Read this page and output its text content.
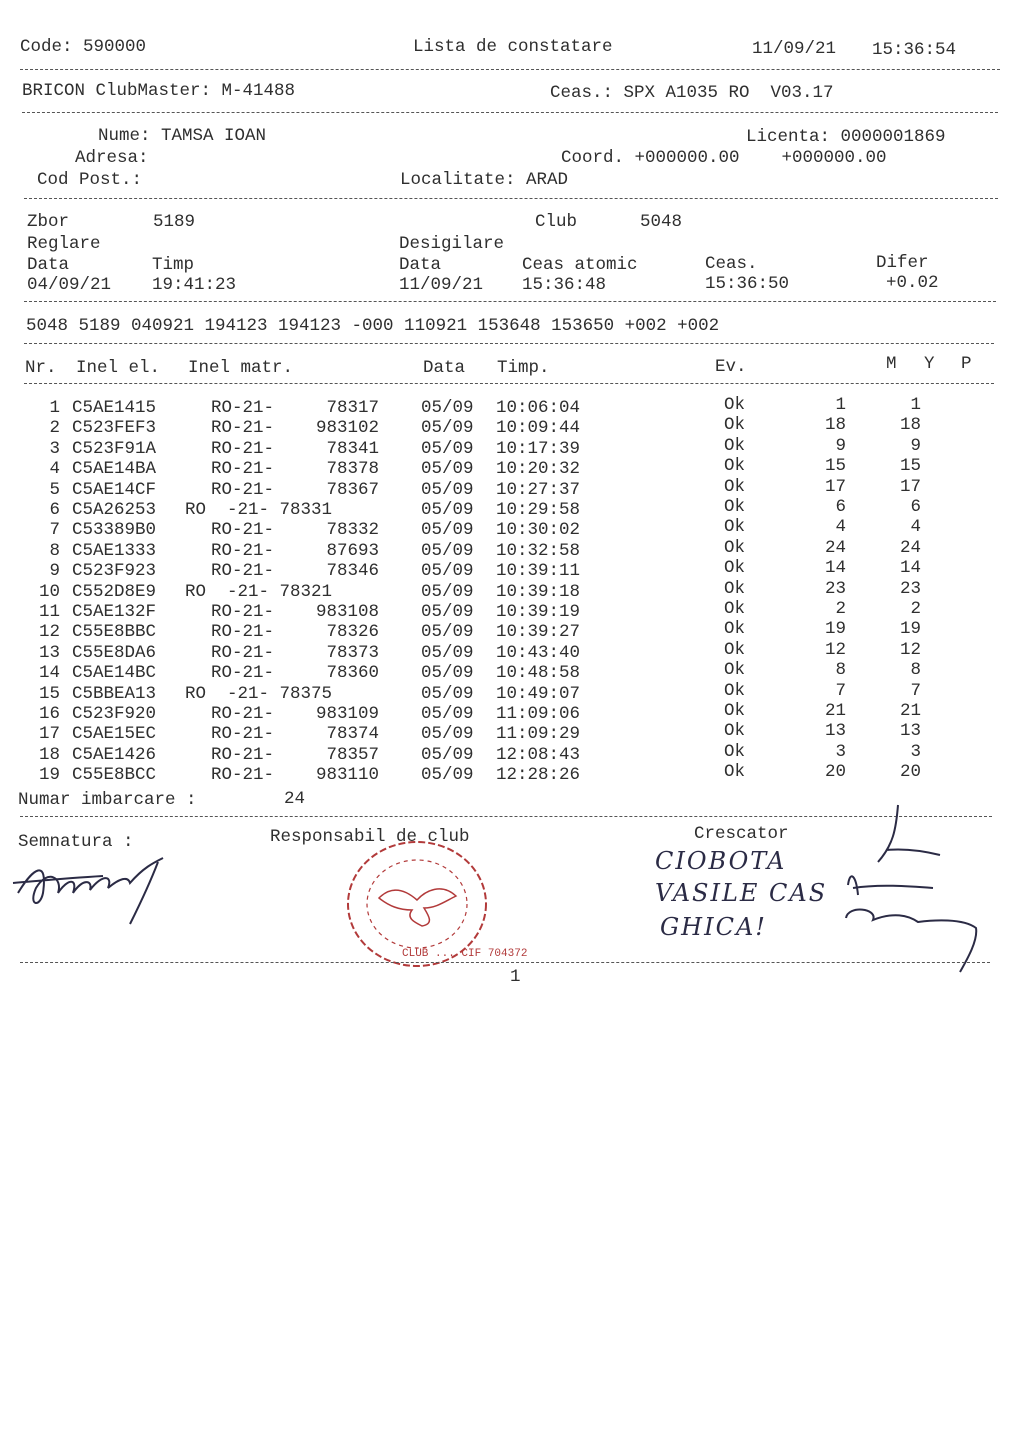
Code: 590000	Lista de constatare	11/09/21 15:36:54
BRICON ClubMaster: M-41488	Ceas.: SPX A1035 RO  V03.17
Nume: TAMSA IOAN	Licenta: 0000001869
Adresa:	Coord. +000000.00    +000000.00
Cod Post.:	Localitate: ARAD
Zbor        5189	Club      5048
Reglare	Desigilare
Data	Timp	Data	Ceas atomic	Ceas.	Difer
04/09/21 19:41:23	11/09/21 15:36:48	15:36:50	+0.02
5048 5189 040921 194123 194123 -000 110921 153648 153650 +002 +002
Nr. Inel el. Inel matr.	Data Timp.	Ev.	M Y P
1 C5AE1415	RO-21-     78317 05/09 10:06:04	Ok	1	1
2 C523FEF3	RO-21-    983102 05/09 10:09:44	Ok	18	18
3 C523F91A	RO-21-     78341 05/09 10:17:39	Ok	9	9
4 C5AE14BA	RO-21-     78378 05/09 10:20:32	Ok	15	15
5 C5AE14CF	RO-21-     78367 05/09 10:27:37	Ok	17	17
6 C5A26253 RO  -21- 78331	05/09 10:29:58	Ok	6	6
7 C53389B0	RO-21-     78332 05/09 10:30:02	Ok	4	4
8 C5AE1333	RO-21-     87693 05/09 10:32:58	Ok	24	24
9 C523F923	RO-21-     78346 05/09 10:39:11	Ok	14	14
10 C552D8E9 RO  -21- 78321	05/09 10:39:18	Ok	23	23
11 C5AE132F	RO-21-    983108 05/09 10:39:19	Ok	2	2
12 C55E8BBC	RO-21-     78326 05/09 10:39:27	Ok	19	19
13 C55E8DA6	RO-21-     78373 05/09 10:43:40	Ok	12	12
14 C5AE14BC	RO-21-     78360 05/09 10:48:58	Ok	8	8
15 C5BBEA13 RO  -21- 78375	05/09 10:49:07	Ok	7	7
16 C523F920	RO-21-    983109 05/09 11:09:06	Ok	21	21
17 C5AE15EC	RO-21-     78374 05/09 11:09:29	Ok	13	13
18 C5AE1426	RO-21-     78357 05/09 12:08:43	Ok	3	3
19 C55E8BCC	RO-21-    983110 05/09 12:28:26	Ok	20	20
Numar imbarcare :	24
Semnatura :	Responsabil de club	Crescator
CIOBOTA
VASILE CAS
GHICA!
CLUB ... CIF 704372
1
